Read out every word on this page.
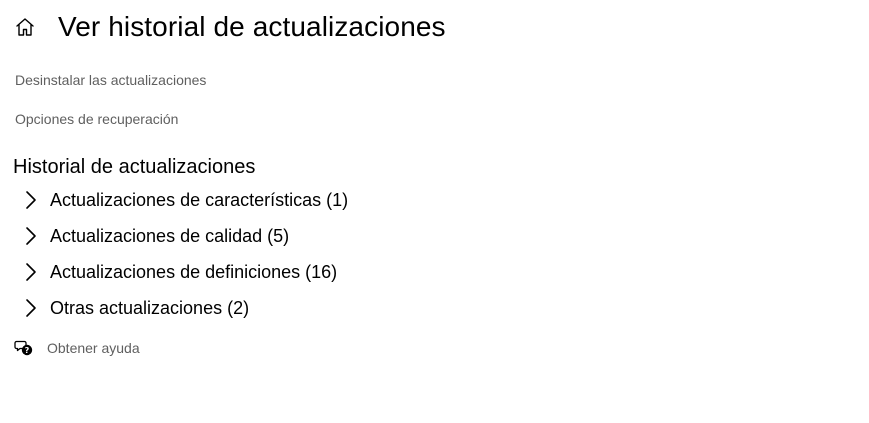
Ver historial de actualizaciones
Desinstalar las actualizaciones
Opciones de recuperación
Historial de actualizaciones
Actualizaciones de características (1)
Actualizaciones de calidad (5)
Actualizaciones de definiciones (16)
Otras actualizaciones (2)
? Obtener ayuda
